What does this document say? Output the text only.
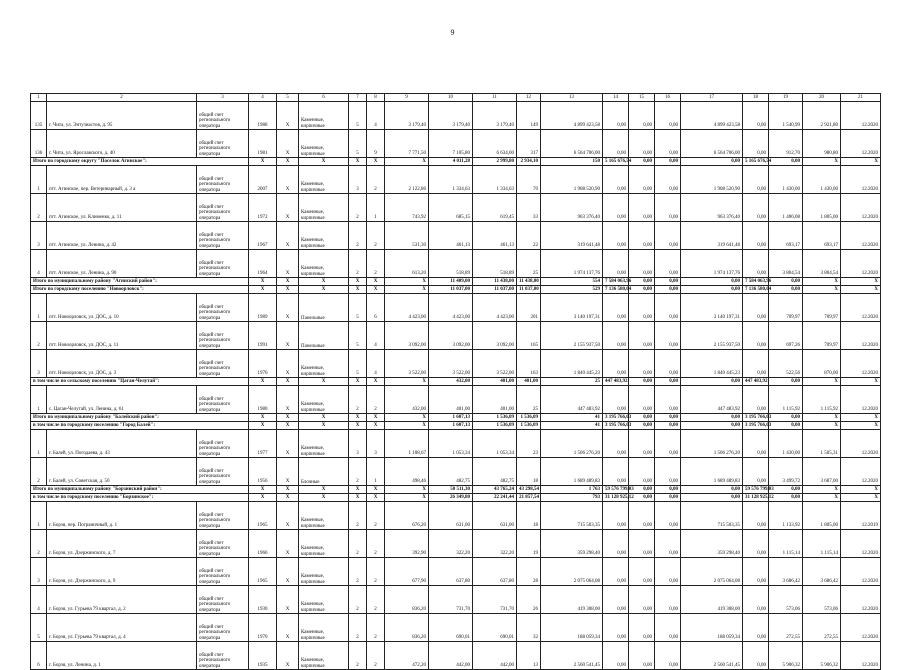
9
1	2	3	4	5	6	7	8	9	10	11	12	13	14	15	16	17	18	19	20	21	
135	г. Чита, ул. Энтузиастов, д. 95	общий счет регионального оператора	1988	X	Каменные, кирпичные	5	4	3 179,40	3 179,40	3 179,40	149	4 899 423,58	0,00	0,00	0,00	4 899 423,58	0,00	1 540,99	2 921,80	12.2020	
136	г. Чита, ул. Ярославского, д. 40	общий счет регионального оператора	1981	X	Каменные, кирпичные	5	9	7 771,50	7 105,80	6 634,00	317	6 564 706,00	0,00	0,00	0,00	6 564 706,00	0,00	912,70	980,80	12.2020	
Итого по городскому округу "Поселок Агинское":			X	X	X	X	X	X	4 011,28	2 999,80	2 934,10	150	5 165 676,54	0,00	0,00	0,00	5 165 676,54	0,00	X	X	
1	пгт. Агинское, пер. Ветеринарный, д. 3 а	общий счет регионального оператора	2007	X	Каменные, кирпичные	3	2	2 122,86	1 334,63	1 334,63	70	1 908 520,90	0,00	0,00	0,00	1 908 520,90	0,00	1 430,00	1 430,00	12.2020	
2	пгт. Агинское, ул. Клименко, д. 11	общий счет регионального оператора	1972	X	Каменные, кирпичные	2	1	743,92	685,15	619,45	33	963 376,40	0,00	0,00	0,00	963 376,40	0,00	1 406,08	1 805,00	12.2020	
3	пгт. Агинское, ул. Ленина, д. 42	общий счет регионального оператора	1967	X	Каменные, кирпичные	2	2	531,30	461,13	461,13	22	319 641,48	0,00	0,00	0,00	319 641,48	0,00	693,17	693,17	12.2020	
4	пгт. Агинское, ул. Ленина, д. 90	общий счет регионального оператора	1964	X	Каменные, кирпичные	2	2	613,20	518,89	518,89	25	1 974 137,76	0,00	0,00	0,00	1 974 137,76	0,00	3 804,54	3 804,54	12.2020	
Итого по муниципальному району "Агинский район":			X	X	X	X	X	X	11 409,00	11 438,00	11 438,00	554	7 584 063,96	0,00	0,00	0,00	7 584 063,96	0,00	X	X	
Итого по городскому поселению "Новоорловск":			X	X	X	X	X	X	11 037,00	11 037,00	11 037,00	529	7 136 580,04	0,00	0,00	0,00	7 136 580,04	0,00	X	X	
1	пгт. Новоорловск, ул. ДОС, д. 10	общий счет регионального оператора	1989	X	Панельные	5	6	4 423,00	4 423,00	4 423,00	201	3 140 197,31	0,00	0,00	0,00	3 140 197,31	0,00	709,97	709,97	12.2020	
2	пгт. Новоорловск, ул. ДОС, д. 11	общий счет регионального оператора	1991	X	Панельные	5	4	3 092,00	3 092,00	3 092,00	165	2 155 937,50	0,00	0,00	0,00	2 155 937,50	0,00	697,26	709,97	12.2020	
3	пгт. Новоорловск, ул. ДОС, д. 3	общий счет регионального оператора	1976	X	Каменные, кирпичные	5	4	3 522,00	3 522,00	3 522,00	163	1 840 445,23	0,00	0,00	0,00	1 840 445,23	0,00	522,56	870,00	12.2020	
в том числе по сельскому поселению "Цаган-Челутай":			X	X	X	X	X	X	432,00	401,00	401,00	25	447 483,92	0,00	0,00	0,00	447 483,92	0,00	X	X	
1	с. Цаган-Челутай, ул. Ленина, д. 61	общий счет регионального оператора	1980	X	Каменные, кирпичные	2	2	432,00	401,00	401,00	25	447 483,92	0,00	0,00	0,00	447 483,92	0,00	1 115,92	1 115,92	12.2020	
Итого по муниципальному району "Балейский район":			X	X	X	X	X	X	1 607,13	1 536,09	1 536,09	41	3 195 766,03	0,00	0,00	0,00	3 195 766,03	0,00	X	X	
в том числе по городскому поселению "Город Балей":			X	X	X	X	X	X	1 607,13	1 536,09	1 536,09	41	3 195 766,03	0,00	0,00	0,00	3 195 766,03	0,00	X	X	
1	г. Балей, ул. Погодаева, д. 43	общий счет регионального оператора	1977	X	Каменные, кирпичные	3	3	1 108,67	1 053,34	1 053,34	23	1 506 276,20	0,00	0,00	0,00	1 506 276,20	0,00	1 430,00	1 505,31	12.2020	
2	г. Балей, ул. Советская, д. 50	общий счет регионального оператора	1956	X	Блочные	2	1	498,46	482,75	482,75	18	1 689 489,83	0,00	0,00	0,00	1 689 489,83	0,00	3 499,72	3 687,00	12.2020	
Итого по муниципальному району "Борзинский район":			X	X	X	X	X	X	50 511,30	43 765,24	43 298,54	1 763	59 576 799,03	0,00	0,00	0,00	59 576 799,03	0,00	X	X	
в том числе по городскому поселению "Борзинское":			X	X	X	X	X	X	26 349,80	22 241,44	21 857,54	793	31 128 925,12	0,00	0,00	0,00	31 128 925,12	0,00	X	X	
1	г. Борзя, пер. Пограничный, д. 1	общий счет регионального оператора	1965	X	Каменные, кирпичные	2	2	676,20	631,00	631,00	18	715 503,35	0,00	0,00	0,00	715 503,35	0,00	1 133,92	1 805,00	12.2019	
2	г. Борзя, ул. Дзержинского, д. 7	общий счет регионального оператора	1966	X	Каменные, кирпичные	2	2	392,90	322,20	322,20	19	359 298,40	0,00	0,00	0,00	359 298,40	0,00	1 115,14	1 115,14	12.2020	
3	г. Борзя, ул. Дзержинского, д. 9	общий счет регионального оператора	1965	X	Каменные, кирпичные	2	2	677,90	637,80	637,80	28	2 075 064,08	0,00	0,00	0,00	2 075 064,08	0,00	3 686,42	3 686,42	12.2020	
4	г. Борзя, ул. Гурьева 79 квартал, д. 2	общий счет регионального оператора	1930	X	Каменные, кирпичные	2	2	836,20	731,70	731,70	26	419 308,00	0,00	0,00	0,00	419 308,00	0,00	573,06	573,06	12.2020	
5	г. Борзя, ул. Гурьева 79 квартал, д. 4	общий счет регионального оператора	1970	X	Каменные, кирпичные	2	2	836,20	690,01	690,01	32	188 059,34	0,00	0,00	0,00	188 059,34	0,00	272,55	272,55	12.2020	
6	г. Борзя, ул. Ленина, д. 1	общий счет регионального оператора	1935	X	Каменные, кирпичные	2	2	472,20	442,00	442,00	13	2 560 541,45	0,00	0,00	0,00	2 560 541,45	0,00	5 906,32	5 906,32	12.2020	
